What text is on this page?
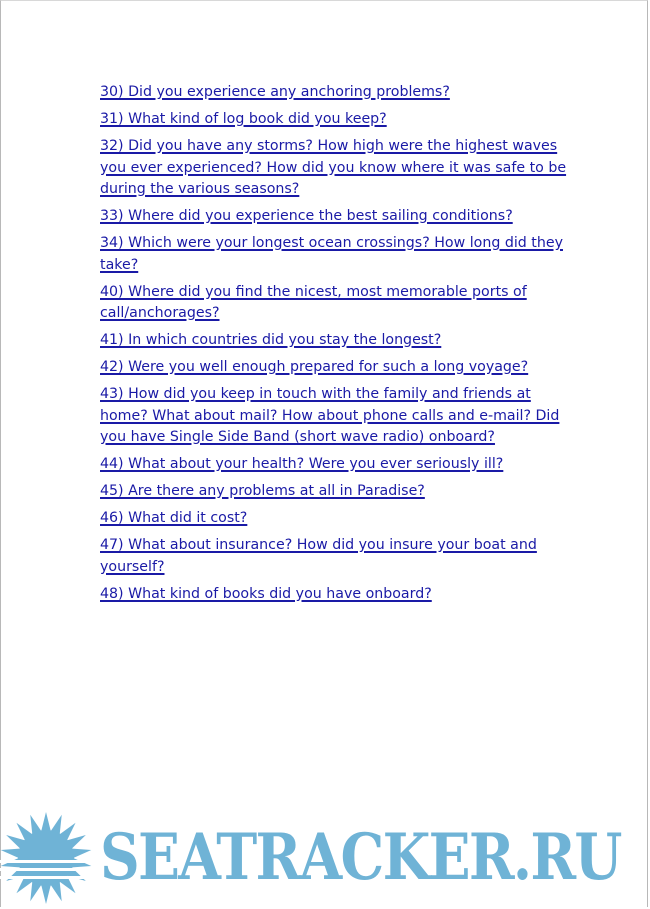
30) Did you experience any anchoring problems?
31) What kind of log book did you keep?
32) Did you have any storms? How high were the highest waves you ever experienced? How did you know where it was safe to be during the various seasons?
33) Where did you experience the best sailing conditions?
34) Which were your longest ocean crossings? How long did they take?
40) Where did you find the nicest, most memorable ports of call/anchorages?
41) In which countries did you stay the longest?
42) Were you well enough prepared for such a long voyage?
43) How did you keep in touch with the family and friends at home? What about mail? How about phone calls and e-mail? Did you have Single Side Band (short wave radio) onboard?
44) What about your health? Were you ever seriously ill?
45) Are there any problems at all in Paradise?
46) What did it cost?
47) What about insurance? How did you insure your boat and yourself?
48) What kind of books did you have onboard?
SEATRACKER.RU
